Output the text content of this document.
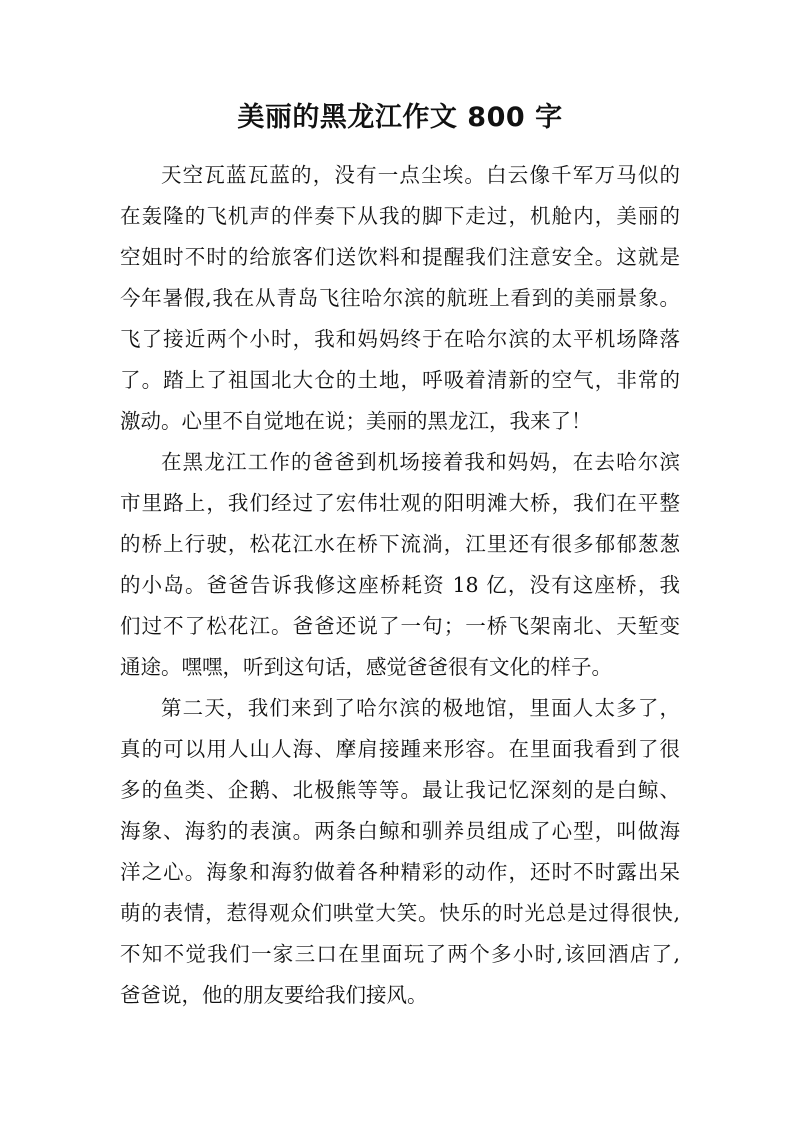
美丽的黑龙江作文 800 字
天空瓦蓝瓦蓝的，没有一点尘埃。白云像千军万马似的
在轰隆的飞机声的伴奏下从我的脚下走过，机舱内，美丽的
空姐时不时的给旅客们送饮料和提醒我们注意安全。这就是
今年暑假,我在从青岛飞往哈尔滨的航班上看到的美丽景象。
飞了接近两个小时，我和妈妈终于在哈尔滨的太平机场降落
了。踏上了祖国北大仓的土地，呼吸着清新的空气，非常的
激动。心里不自觉地在说；美丽的黑龙江，我来了！
在黑龙江工作的爸爸到机场接着我和妈妈，在去哈尔滨
市里路上，我们经过了宏伟壮观的阳明滩大桥，我们在平整
的桥上行驶，松花江水在桥下流淌，江里还有很多郁郁葱葱
的小岛。爸爸告诉我修这座桥耗资 18 亿，没有这座桥，我
们过不了松花江。爸爸还说了一句；一桥飞架南北、天堑变
通途。嘿嘿，听到这句话，感觉爸爸很有文化的样子。
第二天，我们来到了哈尔滨的极地馆，里面人太多了，
真的可以用人山人海、摩肩接踵来形容。在里面我看到了很
多的鱼类、企鹅、北极熊等等。最让我记忆深刻的是白鲸、
海象、海豹的表演。两条白鲸和驯养员组成了心型，叫做海
洋之心。海象和海豹做着各种精彩的动作，还时不时露出呆
萌的表情，惹得观众们哄堂大笑。快乐的时光总是过得很快,
不知不觉我们一家三口在里面玩了两个多小时,该回酒店了,
爸爸说，他的朋友要给我们接风。
